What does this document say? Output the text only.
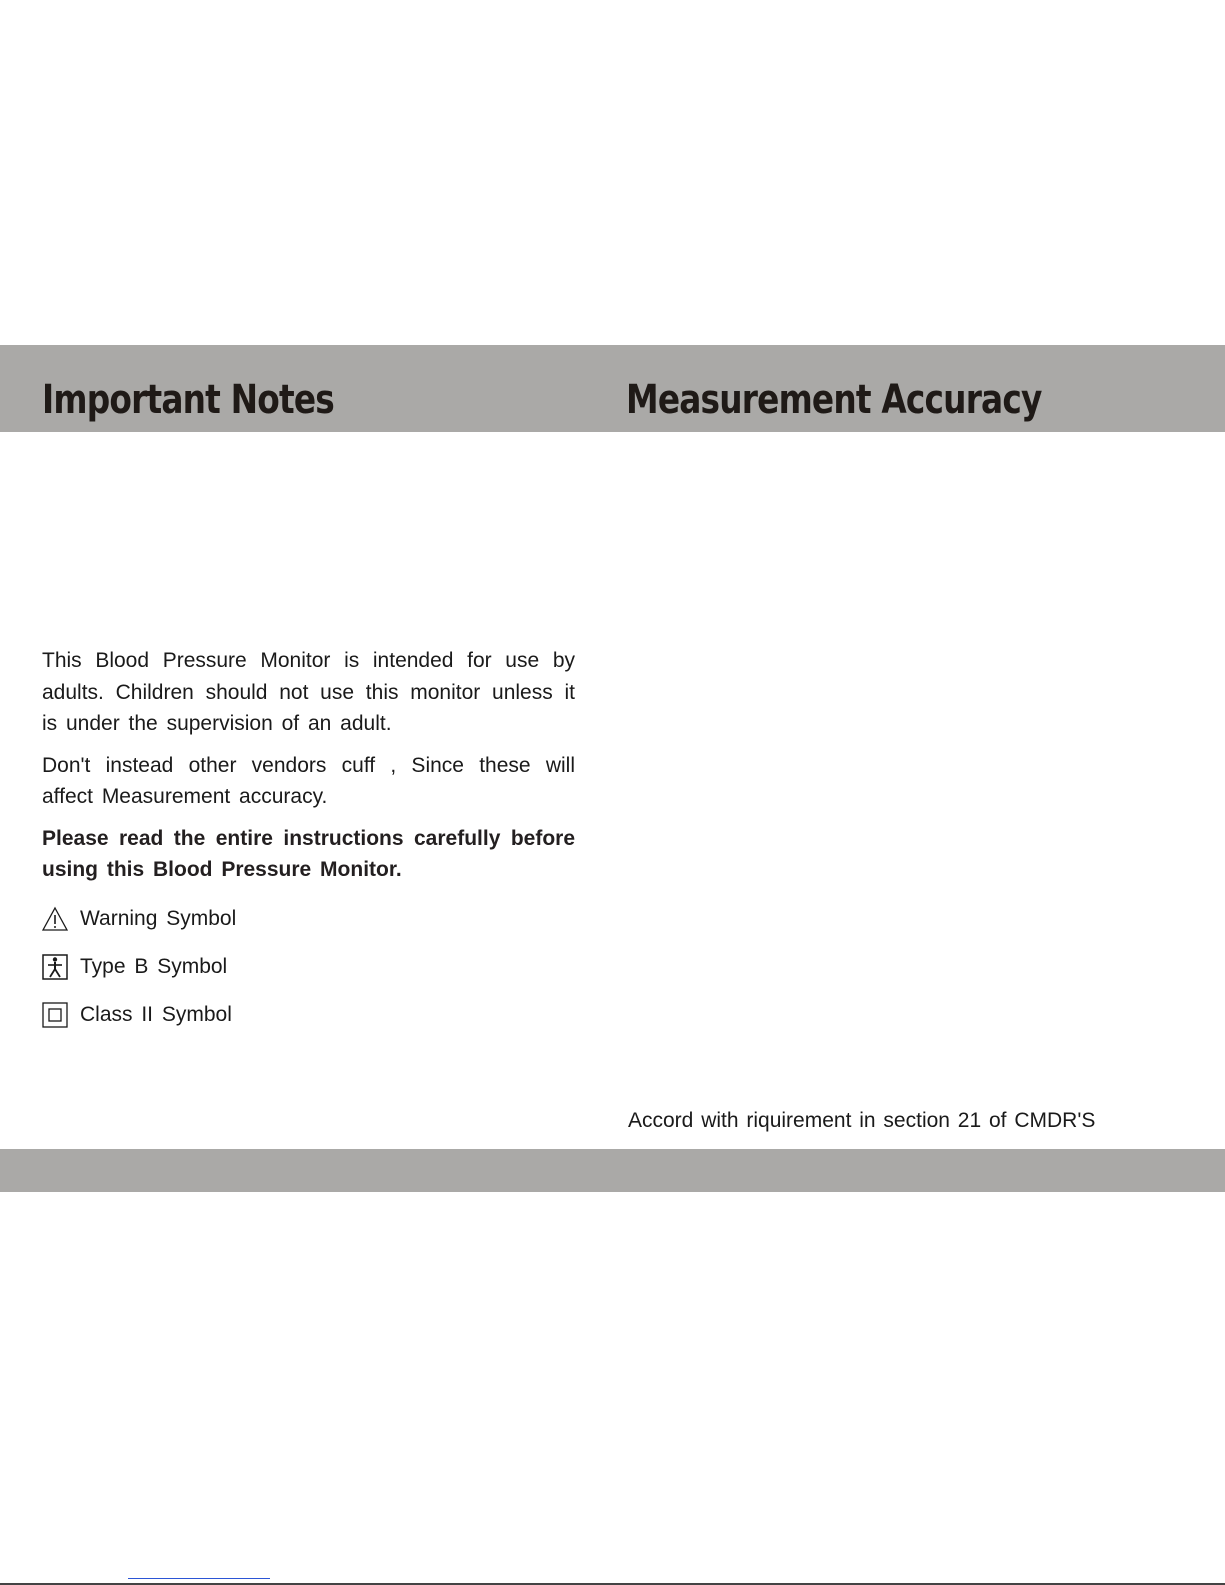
Important Notes	Measurement Accuracy

This Blood Pressure Monitor is intended for use by adults. Children should not use this monitor unless it is under the supervision of an adult.

Don't instead other vendors cuff , Since these will affect Measurement accuracy.

Please read the entire instructions carefully before using this Blood Pressure Monitor.

Warning Symbol
Type B Symbol
Class II Symbol

Accord with riquirement in section 21 of CMDR'S
